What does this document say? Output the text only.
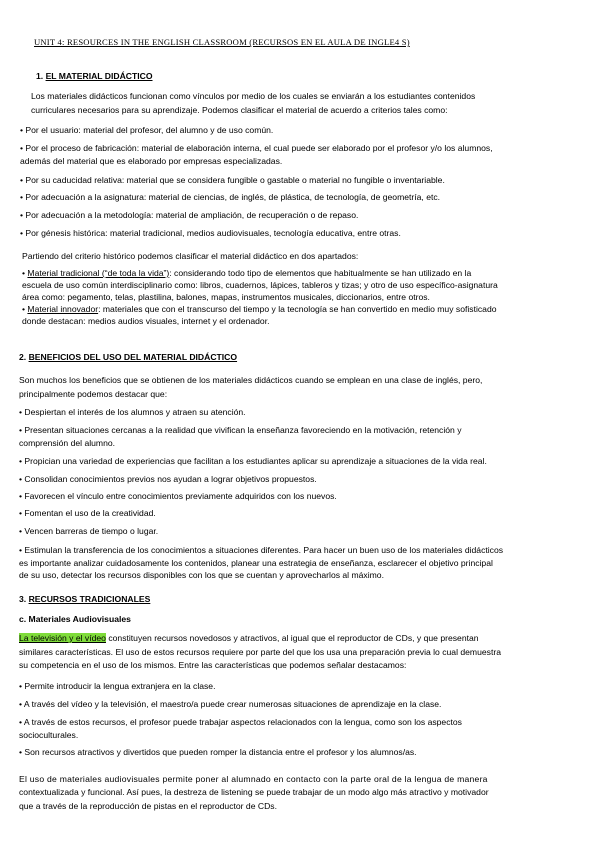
UNIT 4: RESOURCES IN THE ENGLISH CLASSROOM (RECURSOS EN EL AULA DE INGLE4 S)
1. EL MATERIAL DIDÁCTICO
Los materiales didácticos funcionan como vínculos por medio de los cuales se enviarán a los estudiantes contenidos
curriculares necesarios para su aprendizaje. Podemos clasificar el material de acuerdo a criterios tales como:
• Por el usuario: material del profesor, del alumno y de uso común.
• Por el proceso de fabricación: material de elaboración interna, el cual puede ser elaborado por el profesor y/o los alumnos,
además del material que es elaborado por empresas especializadas.
• Por su caducidad relativa: material que se considera fungible o gastable o material no fungible o inventariable.
• Por adecuación a la asignatura: material de ciencias, de inglés, de plástica, de tecnología, de geometría, etc.
• Por adecuación a la metodología: material de ampliación, de recuperación o de repaso.
• Por génesis histórica: material tradicional, medios audiovisuales, tecnología educativa, entre otras.
Partiendo del criterio histórico podemos clasificar el material didáctico en dos apartados:
• Material tradicional (“de toda la vida”): considerando todo tipo de elementos que habitualmente se han utilizado en la
escuela de uso común interdisciplinario como: libros, cuadernos, lápices, tableros y tizas; y otro de uso específico-asignatura
área como: pegamento, telas, plastilina, balones, mapas, instrumentos musicales, diccionarios, entre otros.
• Material innovador: materiales que con el transcurso del tiempo y la tecnología se han convertido en medio muy sofisticado
donde destacan: medios audios visuales, internet y el ordenador.
2. BENEFICIOS DEL USO DEL MATERIAL DIDÁCTICO
Son muchos los beneficios que se obtienen de los materiales didácticos cuando se emplean en una clase de inglés, pero,
principalmente podemos destacar que:
• Despiertan el interés de los alumnos y atraen su atención.
• Presentan situaciones cercanas a la realidad que vivifican la enseñanza favoreciendo en la motivación, retención y
comprensión del alumno.
• Propician una variedad de experiencias que facilitan a los estudiantes aplicar su aprendizaje a situaciones de la vida real.
• Consolidan conocimientos previos nos ayudan a lograr objetivos propuestos.
• Favorecen el vínculo entre conocimientos previamente adquiridos con los nuevos.
• Fomentan el uso de la creatividad.
• Vencen barreras de tiempo o lugar.
• Estimulan la transferencia de los conocimientos a situaciones diferentes. Para hacer un buen uso de los materiales didácticos
es importante analizar cuidadosamente los contenidos, planear una estrategia de enseñanza, esclarecer el objetivo principal
de su uso, detectar los recursos disponibles con los que se cuentan y aprovecharlos al máximo.
3. RECURSOS TRADICIONALES
c. Materiales Audiovisuales
La televisión y el vídeo constituyen recursos novedosos y atractivos, al igual que el reproductor de CDs, y que presentan
similares características. El uso de estos recursos requiere por parte del que los usa una preparación previa lo cual demuestra
su competencia en el uso de los mismos. Entre las características que podemos señalar destacamos:
• Permite introducir la lengua extranjera en la clase.
• A través del vídeo y la televisión, el maestro/a puede crear numerosas situaciones de aprendizaje en la clase.
• A través de estos recursos, el profesor puede trabajar aspectos relacionados con la lengua, como son los aspectos
socioculturales.
• Son recursos atractivos y divertidos que pueden romper la distancia entre el profesor y los alumnos/as.
El uso de materiales audiovisuales permite poner al alumnado en contacto con la parte oral de la lengua de manera
contextualizada y funcional. Así pues, la destreza de listening se puede trabajar de un modo algo más atractivo y motivador
que a través de la reproducción de pistas en el reproductor de CDs.
